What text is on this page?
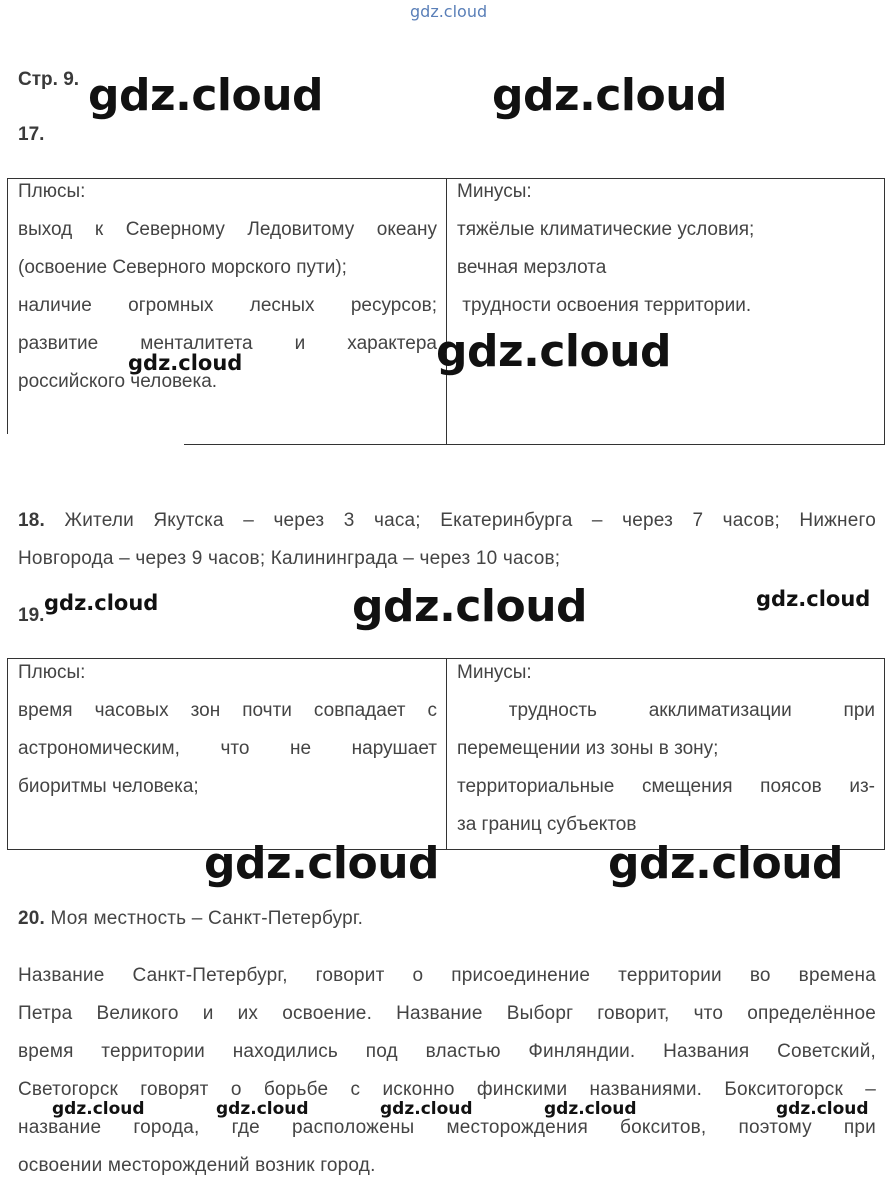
gdz.cloud
Стр. 9. gdz.cloud	gdz.cloud
17.

Плюсы:

выход к Северному Ледовитому океану

(освоение Северного морского пути);

наличие огромных лесных ресурсов;

развитие менталитета и характера

российского человека.

Минусы:

тяжёлые климатические условия;

вечная мерзлота

трудности освоения территории.

gdz.cloud	gdz.cloud
18. Жители Якутска – через 3 часа; Екатеринбурга – через 7 часов; Нижнего
Новгорода – через 9 часов; Калининграда – через 10 часов;
19.
gdz.cloud	gdz.cloud	gdz.cloud

Плюсы:

время часовых зон почти совпадает с

астрономическим, что не нарушает

биоритмы человека;

Минусы:

трудность акклиматизации при

перемещении из зоны в зону;

территориальные смещения поясов из-

за границ субъектов

gdz.cloud	gdz.cloud
20. Моя местность – Санкт-Петербург.
Название Санкт-Петербург, говорит о присоединение территории во времена
Петра Великого и их освоение. Название Выборг говорит, что определённое
время территории находились под властью Финляндии. Названия Советский,
Светогорск говорят о борьбе с исконно финскими названиями. Бокситогорск –
название города, где расположены месторождения бокситов, поэтому при
освоении месторождений возник город.
gdz.cloud	gdz.cloud	gdz.cloud	gdz.cloud	gdz.cloud
